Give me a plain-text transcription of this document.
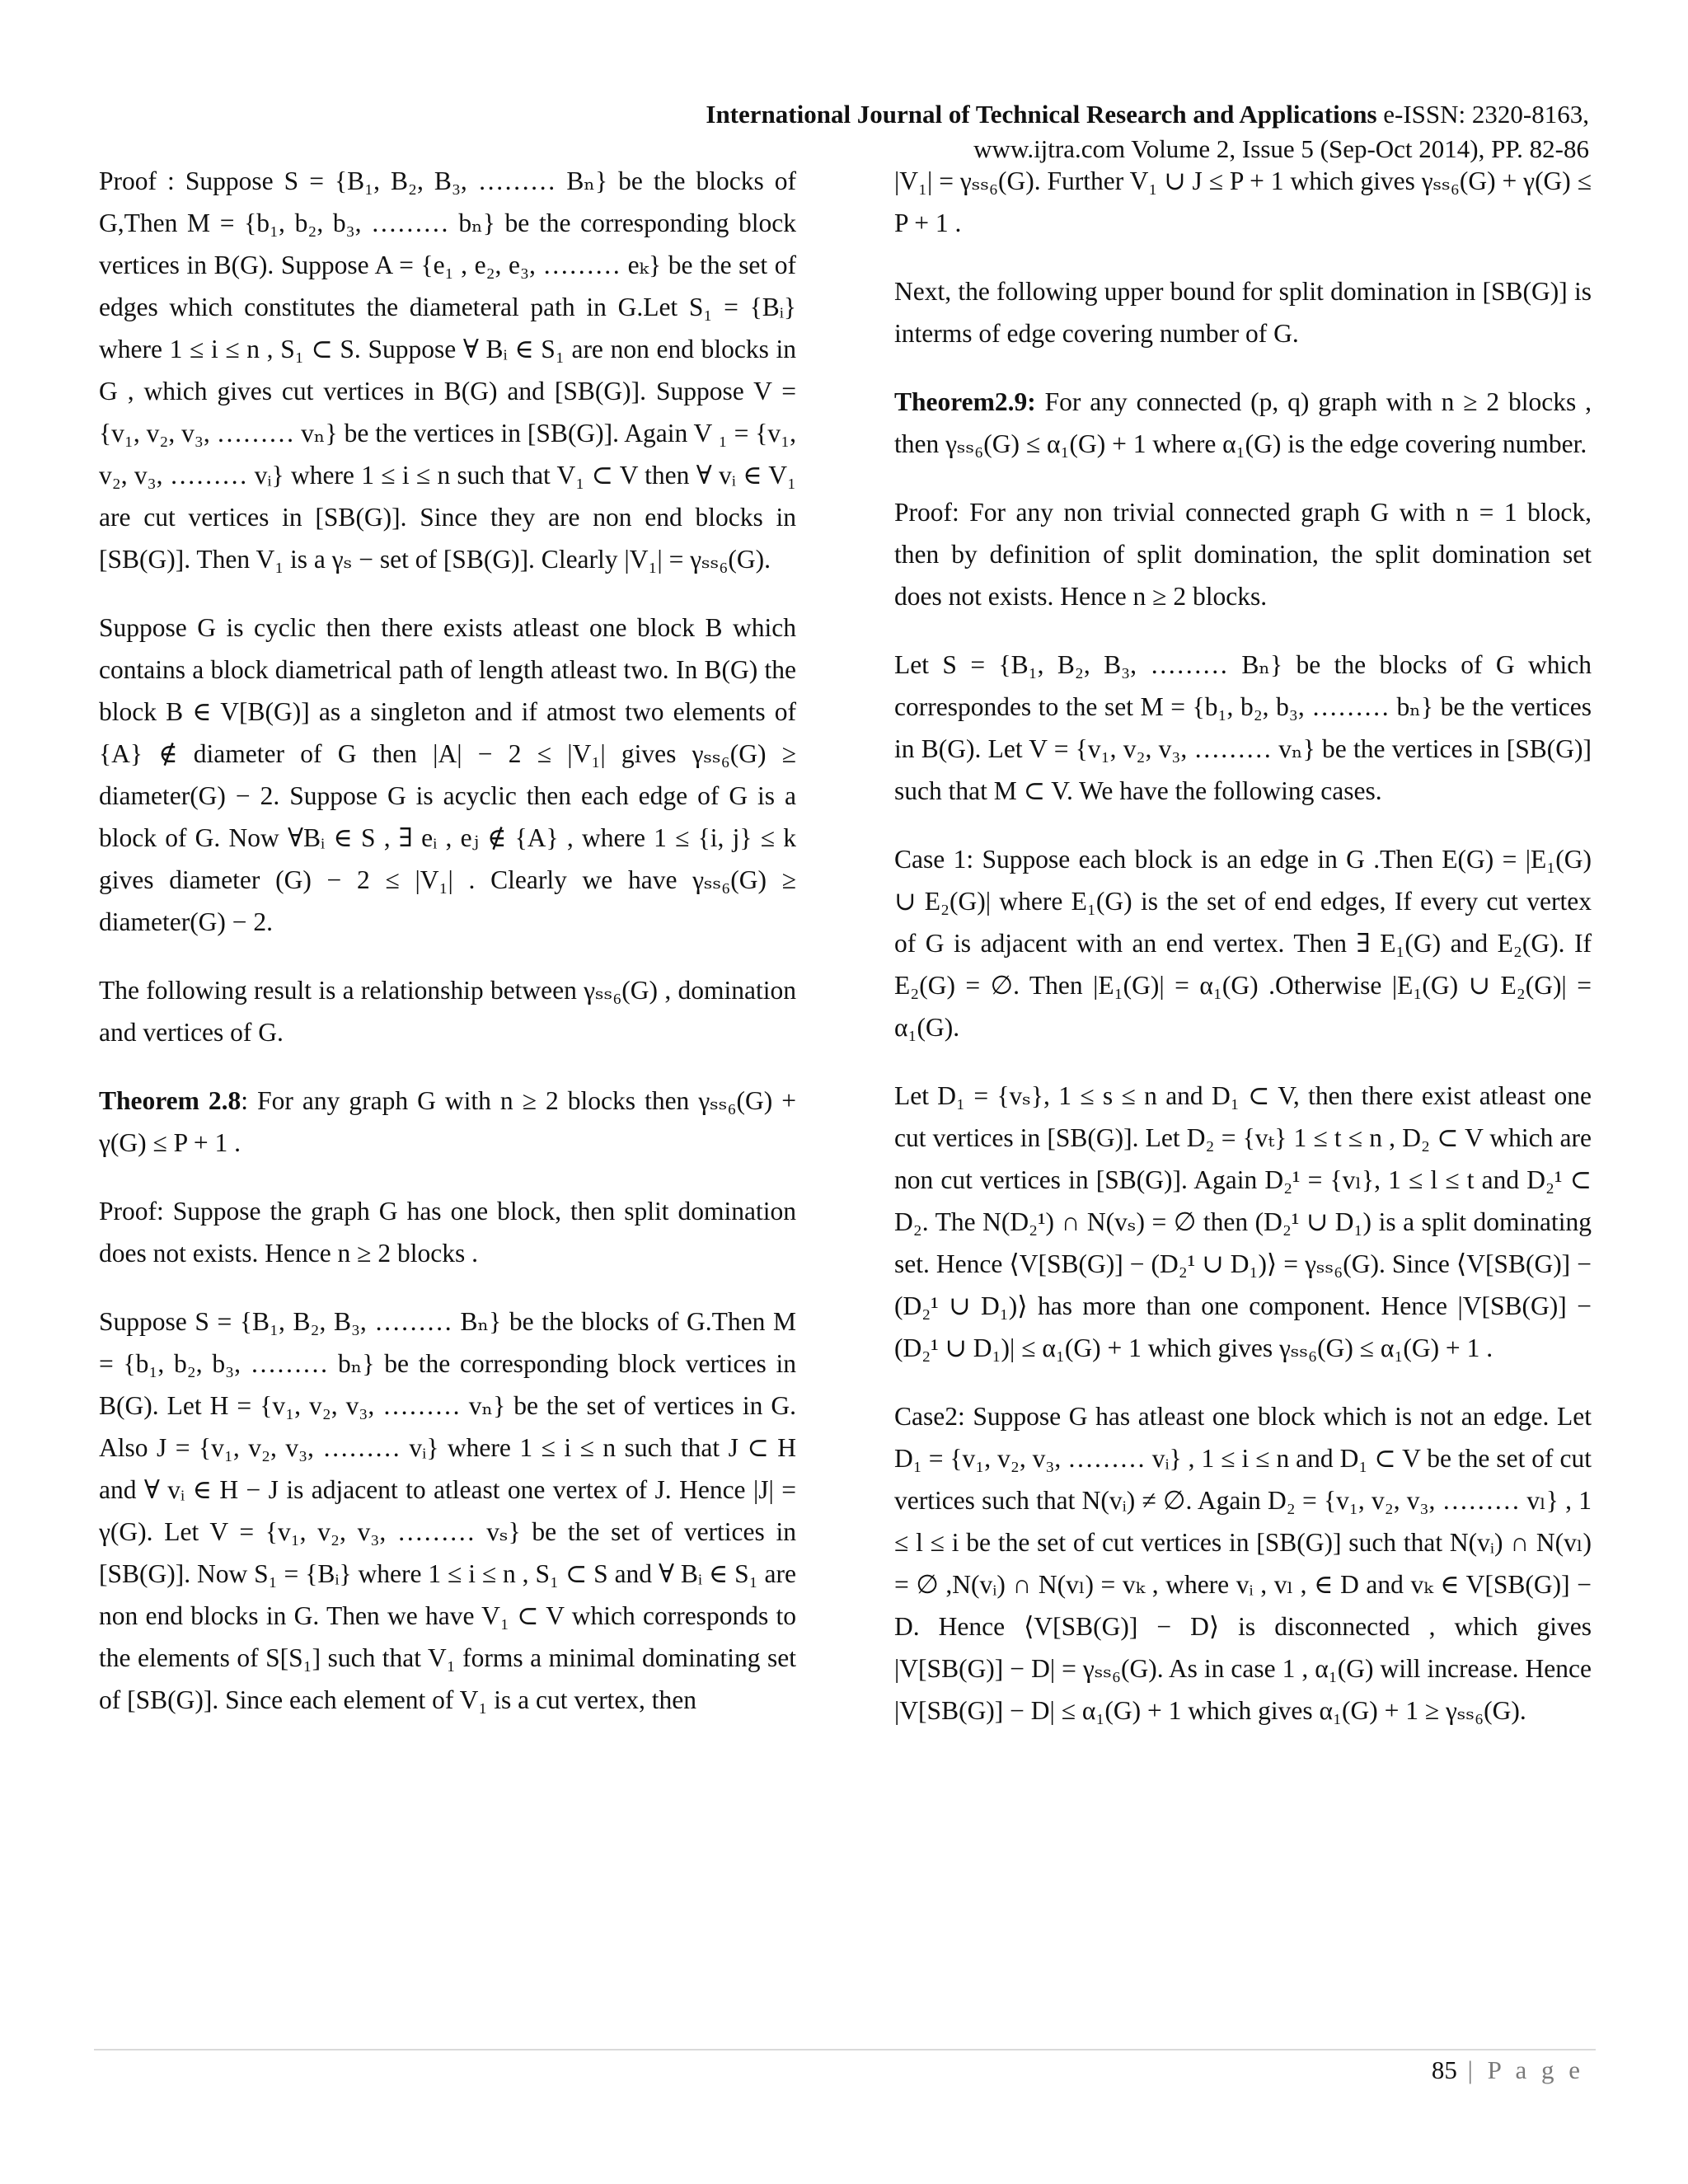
International Journal of Technical Research and Applications e-ISSN: 2320-8163,
www.ijtra.com Volume 2, Issue 5 (Sep-Oct 2014), PP. 82-86

Proof : Suppose S = {B₁, B₂, B₃, ……… Bₙ} be the blocks of G,Then M = {b₁, b₂, b₃, ……… bₙ} be the corresponding block vertices in B(G). Suppose A = {e₁ , e₂, e₃, ……… eₖ} be the set of edges which constitutes the diameteral path in G.Let S₁ = {Bᵢ} where 1 ≤ i ≤ n , S₁ ⊂ S. Suppose ∀ Bᵢ ∈ S₁ are non end blocks in G , which gives cut vertices in B(G) and [SB(G)]. Suppose V = {v₁, v₂, v₃, ……… vₙ} be the vertices in [SB(G)]. Again V ₁ = {v₁, v₂, v₃, ……… vᵢ} where 1 ≤ i ≤ n such that V₁ ⊂ V then ∀ vᵢ ∈ V₁ are cut vertices in [SB(G)]. Since they are non end blocks in [SB(G)]. Then V₁ is a γₛ − set of [SB(G)]. Clearly |V₁| = γₛₛ₆(G).

Suppose G is cyclic then there exists atleast one block B which contains a block diametrical path of length atleast two. In B(G) the block B ∈ V[B(G)] as a singleton and if atmost two elements of {A} ∉ diameter of G then |A| − 2 ≤ |V₁| gives γₛₛ₆(G) ≥ diameter(G) − 2. Suppose G is acyclic then each edge of G is a block of G. Now ∀Bᵢ ∈ S , ∃ eᵢ , eⱼ ∉ {A} , where 1 ≤ {i, j} ≤ k gives diameter (G) − 2 ≤ |V₁| . Clearly we have γₛₛ₆(G) ≥ diameter(G) − 2.

The following result is a relationship between γₛₛ₆(G) , domination and vertices of G.

Theorem 2.8: For any graph G with n ≥ 2 blocks then γₛₛ₆(G) + γ(G) ≤ P + 1 .

Proof: Suppose the graph G has one block, then split domination does not exists. Hence n ≥ 2 blocks .

Suppose S = {B₁, B₂, B₃, ……… Bₙ} be the blocks of G.Then M = {b₁, b₂, b₃, ……… bₙ} be the corresponding block vertices in B(G). Let H = {v₁, v₂, v₃, ……… vₙ} be the set of vertices in G. Also J = {v₁, v₂, v₃, ……… vᵢ} where 1 ≤ i ≤ n such that J ⊂ H and ∀ vᵢ ∈ H − J is adjacent to atleast one vertex of J. Hence |J| = γ(G). Let V = {v₁, v₂, v₃, ……… vₛ} be the set of vertices in [SB(G)]. Now S₁ = {Bᵢ} where 1 ≤ i ≤ n , S₁ ⊂ S and ∀ Bᵢ ∈ S₁ are non end blocks in G. Then we have V₁ ⊂ V which corresponds to the elements of S[S₁] such that V₁ forms a minimal dominating set of [SB(G)]. Since each element of V₁ is a cut vertex, then

|V₁| = γₛₛ₆(G). Further V₁ ∪ J ≤ P + 1 which gives γₛₛ₆(G) + γ(G) ≤ P + 1 .

Next, the following upper bound for split domination in [SB(G)] is interms of edge covering number of G.

Theorem2.9: For any connected (p, q) graph with n ≥ 2 blocks , then γₛₛ₆(G) ≤ α₁(G) + 1 where α₁(G) is the edge covering number.

Proof: For any non trivial connected graph G with n = 1 block, then by definition of split domination, the split domination set does not exists. Hence n ≥ 2 blocks.

Let S = {B₁, B₂, B₃, ……… Bₙ} be the blocks of G which correspondes to the set M = {b₁, b₂, b₃, ……… bₙ} be the vertices in B(G). Let V = {v₁, v₂, v₃, ……… vₙ} be the vertices in [SB(G)] such that M ⊂ V. We have the following cases.

Case 1: Suppose each block is an edge in G .Then E(G) = |E₁(G) ∪ E₂(G)| where E₁(G) is the set of end edges, If every cut vertex of G is adjacent with an end vertex. Then ∃ E₁(G) and E₂(G). If E₂(G) = ∅. Then |E₁(G)| = α₁(G) .Otherwise |E₁(G) ∪ E₂(G)| = α₁(G).

Let D₁ = {vₛ}, 1 ≤ s ≤ n and D₁ ⊂ V, then there exist atleast one cut vertices in [SB(G)]. Let D₂ = {vₜ} 1 ≤ t ≤ n , D₂ ⊂ V which are non cut vertices in [SB(G)]. Again D₂¹ = {vₗ}, 1 ≤ l ≤ t and D₂¹ ⊂ D₂. The N(D₂¹) ∩ N(vₛ) = ∅ then (D₂¹ ∪ D₁) is a split dominating set. Hence ⟨V[SB(G)] − (D₂¹ ∪ D₁)⟩ = γₛₛ₆(G). Since ⟨V[SB(G)] − (D₂¹ ∪ D₁)⟩ has more than one component. Hence |V[SB(G)] − (D₂¹ ∪ D₁)| ≤ α₁(G) + 1 which gives γₛₛ₆(G) ≤ α₁(G) + 1 .

Case2: Suppose G has atleast one block which is not an edge. Let D₁ = {v₁, v₂, v₃, ……… vᵢ} , 1 ≤ i ≤ n and D₁ ⊂ V be the set of cut vertices such that N(vᵢ) ≠ ∅. Again D₂ = {v₁, v₂, v₃, ……… vₗ} , 1 ≤ l ≤ i be the set of cut vertices in [SB(G)] such that N(vᵢ) ∩ N(vₗ) = ∅ ,N(vᵢ) ∩ N(vₗ) = vₖ , where vᵢ , vₗ , ∈ D and vₖ ∈ V[SB(G)] − D. Hence ⟨V[SB(G)] − D⟩ is disconnected , which gives |V[SB(G)] − D| = γₛₛ₆(G). As in case 1 , α₁(G) will increase. Hence |V[SB(G)] − D| ≤ α₁(G) + 1 which gives α₁(G) + 1 ≥ γₛₛ₆(G).

85 | P a g e
